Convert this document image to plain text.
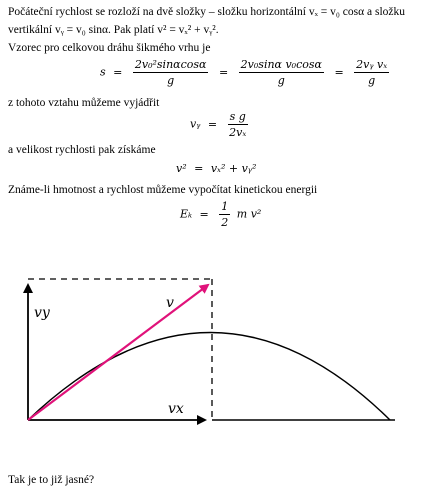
Počáteční rychlost se rozloží na dvě složky – složku horizontální vₓ = v₀ cosα a složku
vertikální vᵧ = v₀ sinα. Pak platí v² = vₓ² + vᵧ².
Vzorec pro celkovou dráhu šikmého vrhu je
$s = \frac{\text{2v₀²sinαcosα}}{g} = \frac{\text{2v₀sinα v₀cosα}}{g} = \frac{\text{2vᵧ vₓ}}{g}$
z tohoto vztahu můžeme vyjádřit
vᵧ = $\frac{\text{s g}}{\text{2vₓ}}$
a velikost rychlosti pak získáme
v² = vₓ² + vᵧ²
Známe-li hmotnost a rychlost můžeme vypočítat kinetickou energii
$E_k = \frac{1}{2}$ m v²
v
vy
vx
Tak je to již jasné?
